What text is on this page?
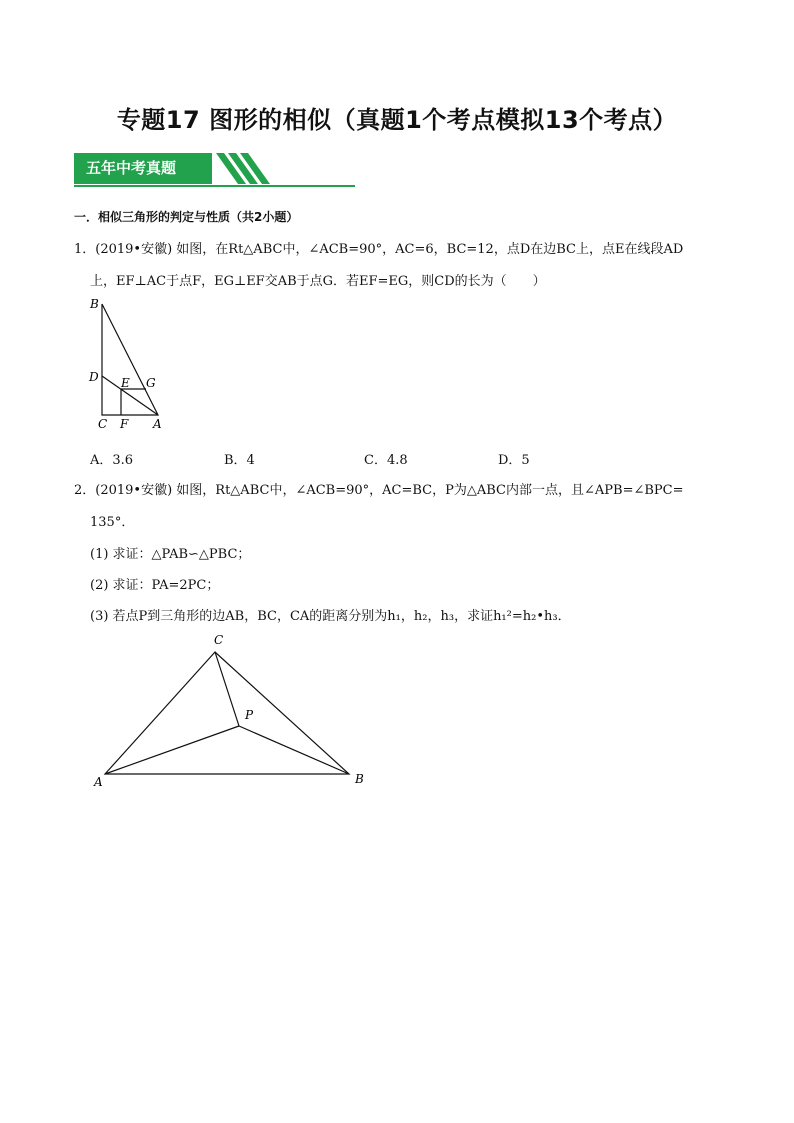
专题17 图形的相似（真题1个考点模拟13个考点）
五年中考真题
一．相似三角形的判定与性质（共2小题）
1．(2019•安徽) 如图，在Rt△ABC中，∠ACB=90°，AC=6，BC=12，点D在边BC上，点E在线段AD
上，EF⊥AC于点F，EG⊥EF交AB于点G．若EF=EG，则CD的长为（　　）
B
D E G
C F A
A．3.6	B．4	C．4.8	D．5
2．(2019•安徽) 如图，Rt△ABC中，∠ACB=90°，AC=BC，P为△ABC内部一点，且∠APB=∠BPC=
135°．
(1) 求证：△PAB∽△PBC；
(2) 求证：PA=2PC；
(3) 若点P到三角形的边AB，BC，CA的距离分别为h₁，h₂，h₃，求证h₁²=h₂•h₃．
C
P
A	B
